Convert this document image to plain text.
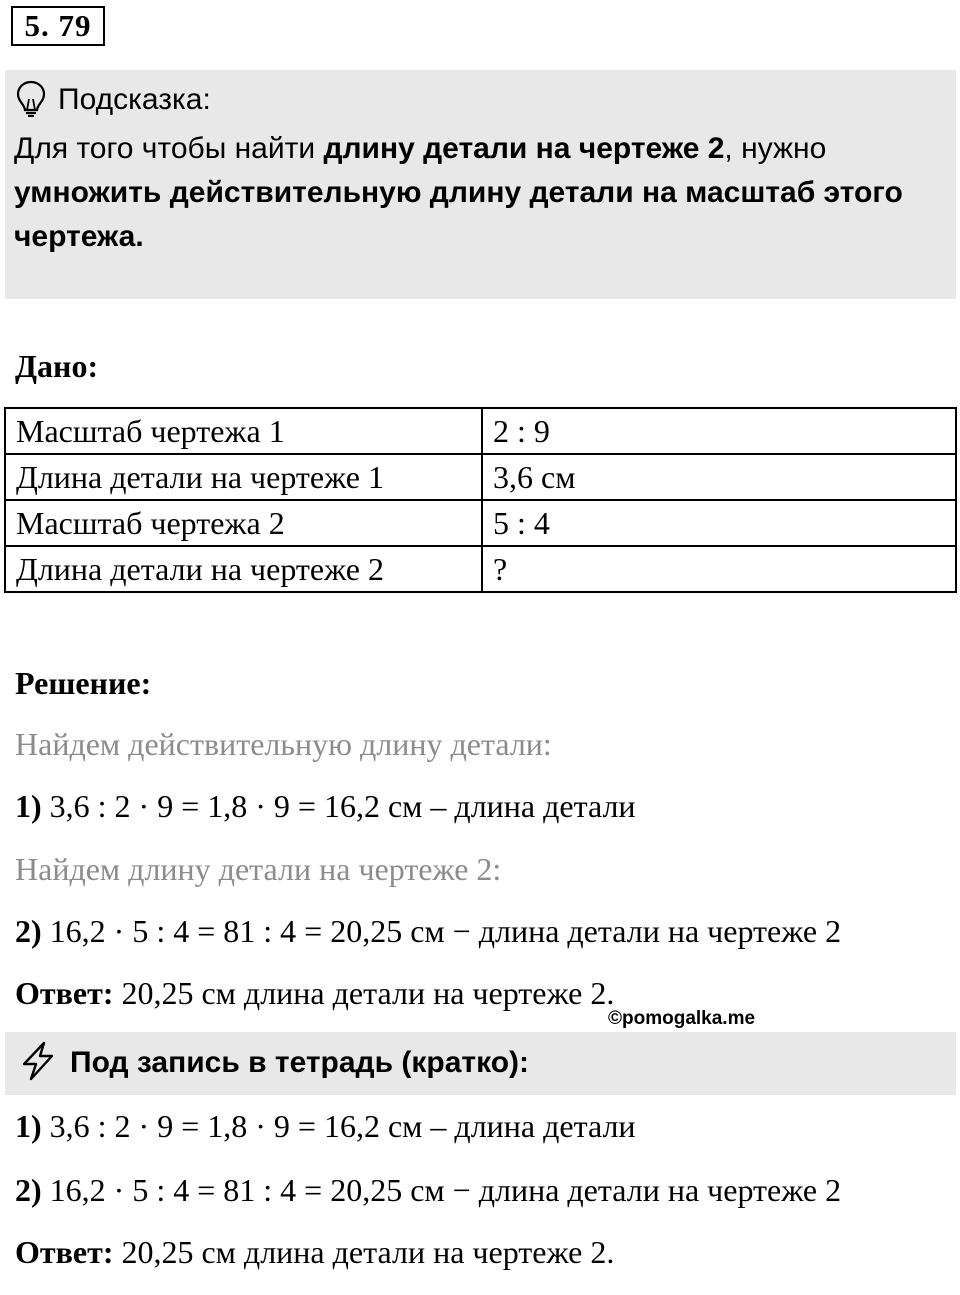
5. 79
Подсказка:
Для того чтобы найти длину детали на чертеже 2, нужно умножить действительную длину детали на масштаб этого чертежа.
Дано:
Масштаб чертежа 1	2 : 9
Длина детали на чертеже 1	3,6 см
Масштаб чертежа 2	5 : 4
Длина детали на чертеже 2	?
Решение:
Найдем действительную длину детали:
1) 3,6 : 2 · 9 = 1,8 · 9 = 16,2 см – длина детали
Найдем длину детали на чертеже 2:
2) 16,2 · 5 : 4 = 81 : 4 = 20,25 см − длина детали на чертеже 2
Ответ: 20,25 см длина детали на чертеже 2.
©pomogalka.me
Под запись в тетрадь (кратко):
1) 3,6 : 2 · 9 = 1,8 · 9 = 16,2 см – длина детали
2) 16,2 · 5 : 4 = 81 : 4 = 20,25 см − длина детали на чертеже 2
Ответ: 20,25 см длина детали на чертеже 2.
